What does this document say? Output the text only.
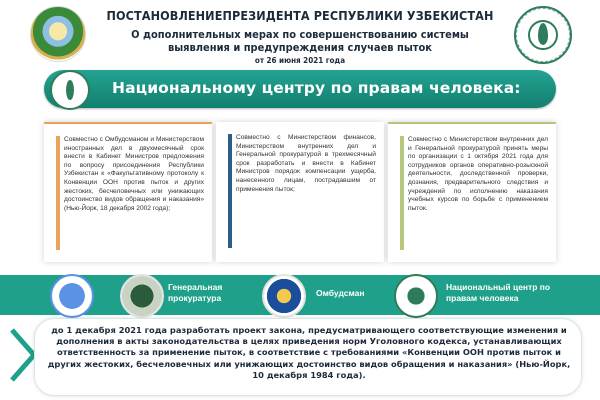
ПОСТАНОВЛЕНИЕПРЕЗИДЕНТА РЕСПУБЛИКИ УЗБЕКИСТАН
О дополнительных мерах по совершенствованию системы выявления и предупреждения случаев пыток
от 26 июня 2021 года
Национальному центру по правам человека:
Совместно с Омбудсманом и Министерством иностранных дел в двухмесячный срок внести в Кабинет Министров предложения по вопросу присоединения Республики Узбекистан к «Факультативному протоколу к Конвенции ООН против пыток и других жестоких, бесчеловечных или унижающих достоинство видов обращения и наказания» (Нью-Йорк, 18 декабря 2002 года);
Совместно с Министерством финансов, Министерством внутренних дел и Генеральной прокуратурой в трехмесячный срок разработать и внести в Кабинет Министров порядок компенсации ущерба, нанесенного лицам, пострадавшим от применения пыток;
Совместно с Министерством внутренних дел и Генеральной прокуратурой принять меры по организации с 1 октября 2021 года для сотрудников органов оперативно-розыскной деятельности, доследственной проверки, дознания, предварительного следствия и учреждений по исполнению наказания учебных курсов по борьбе с применением пыток.
Генеральная прокуратура	Омбудсман
Национальный центр по правам человека
до 1 декабря 2021 года разработать проект закона, предусматривающего соответствующие изменения и дополнения в акты законодательства в целях приведения норм Уголовного кодекса, устанавливающих ответственность за применение пыток, в соответствие с требованиями «Конвенции ООН против пыток и других жестоких, бесчеловечных или унижающих достоинство видов обращения и наказания» (Нью-Йорк, 10 декабря 1984 года).
